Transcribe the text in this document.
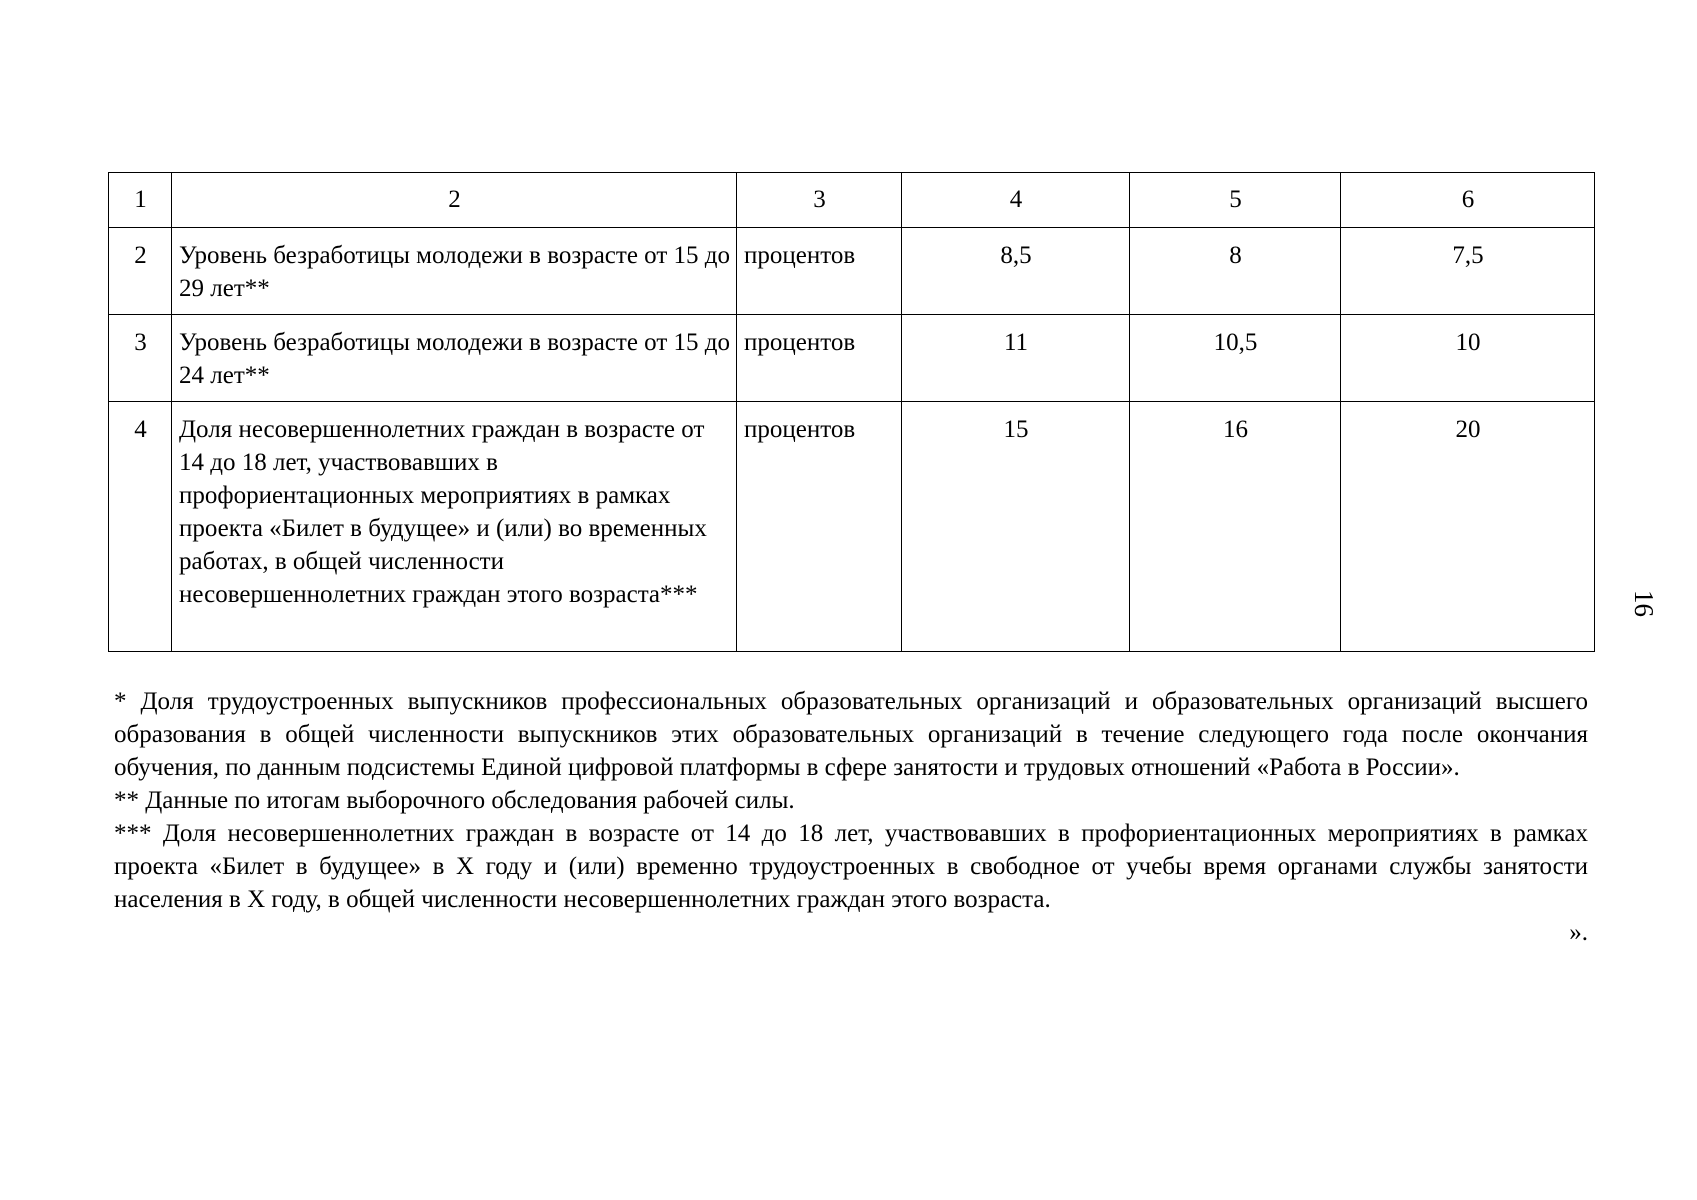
1	2	3	4	5	6
2	Уровень безработицы молодежи в возрасте от 15 до 29 лет**	процентов	8,5	8	7,5
3	Уровень безработицы молодежи в возрасте от 15 до 24 лет**	процентов	11	10,5	10
4	Доля несовершеннолетних граждан в возрасте от 14 до 18 лет, участвовавших в профориентационных мероприятиях в рамках проекта «Билет в будущее» и (или) во временных работах, в общей численности несовершеннолетних граждан этого возраста***	процентов	15	16	20

* Доля трудоустроенных выпускников профессиональных образовательных организаций и образовательных организаций высшего образования в общей численности выпускников этих образовательных организаций в течение следующего года после окончания обучения, по данным подсистемы Единой цифровой платформы в сфере занятости и трудовых отношений «Работа в России».

** Данные по итогам выборочного обследования рабочей силы.

*** Доля несовершеннолетних граждан в возрасте от 14 до 18 лет, участвовавших в профориентационных мероприятиях в рамках проекта «Билет в будущее» в X году и (или) временно трудоустроенных в свободное от учебы время органами службы занятости населения в X году, в общей численности несовершеннолетних граждан этого возраста.

».

16
